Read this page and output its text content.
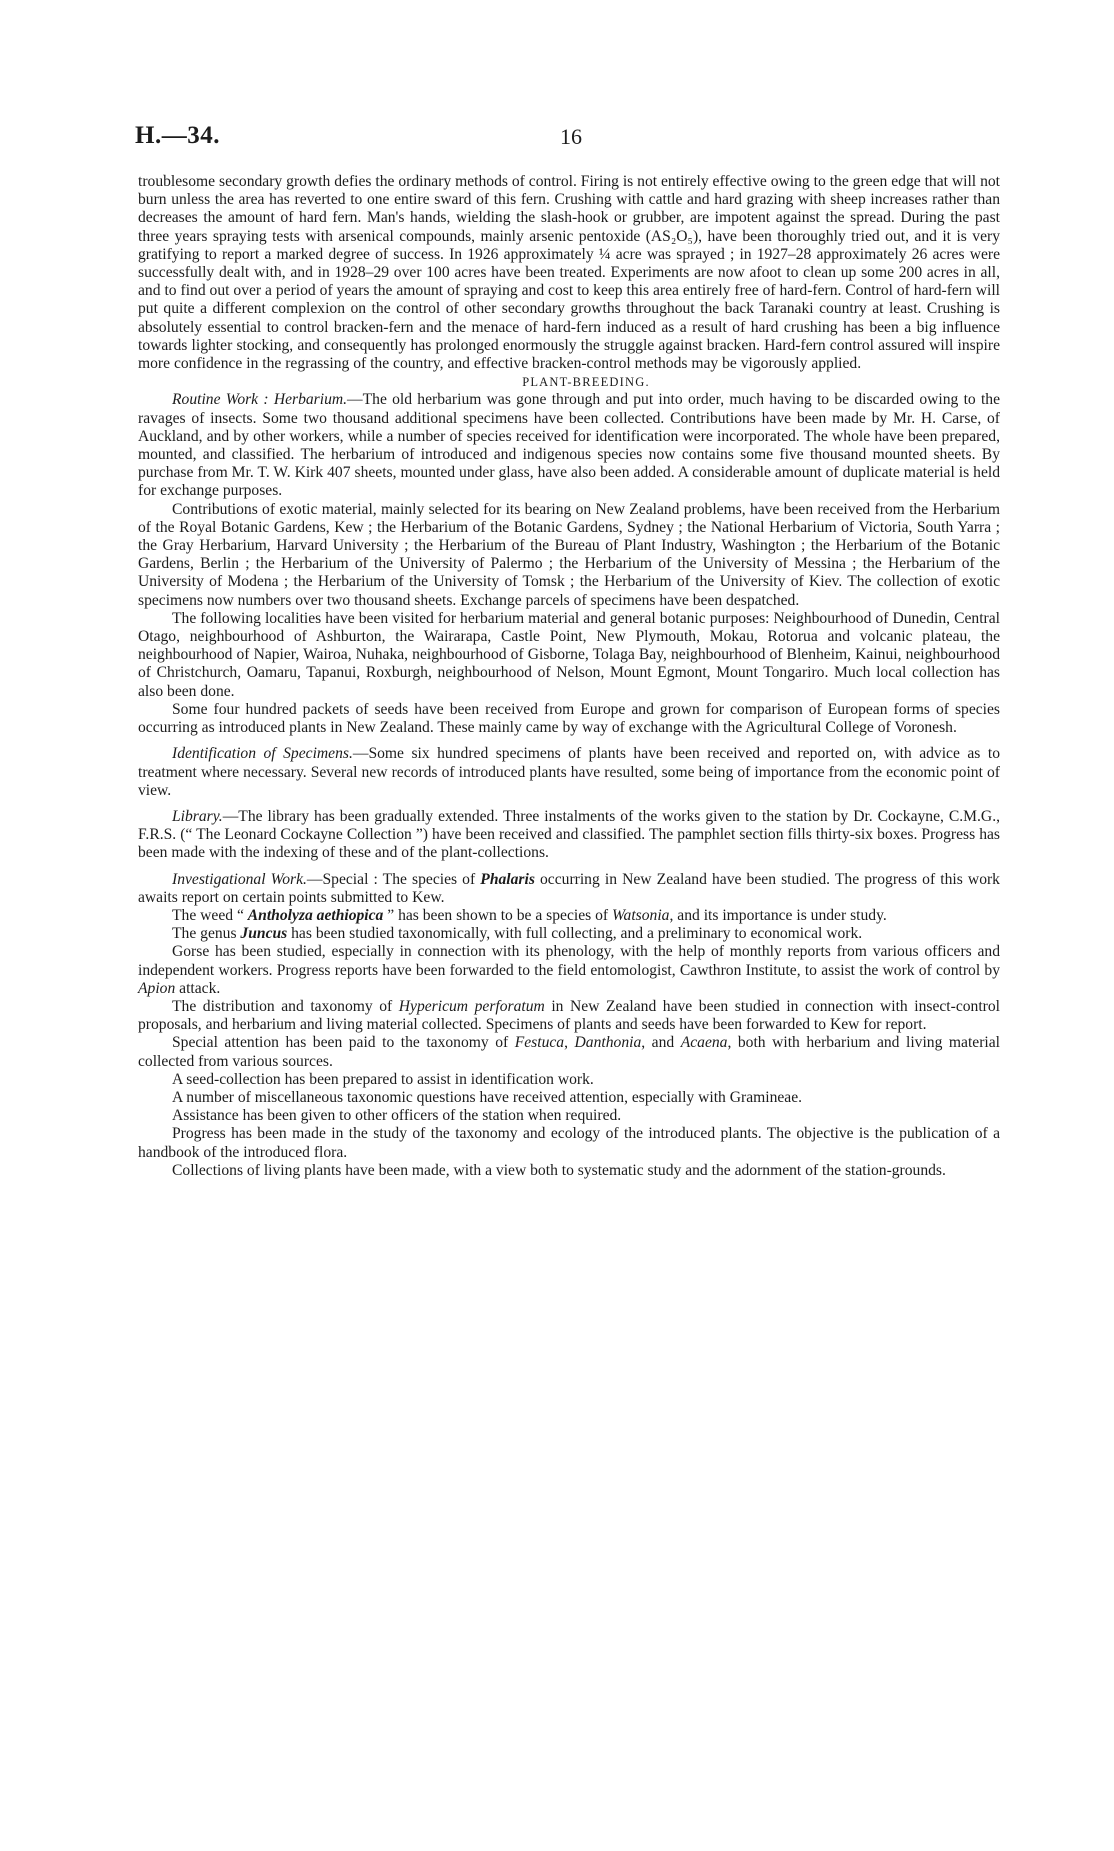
H.—34.	16

troublesome secondary growth defies the ordinary methods of control. Firing is not entirely effective owing to the green edge that will not burn unless the area has reverted to one entire sward of this fern. Crushing with cattle and hard grazing with sheep increases rather than decreases the amount of hard fern. Man's hands, wielding the slash-hook or grubber, are impotent against the spread. During the past three years spraying tests with arsenical compounds, mainly arsenic pentoxide (AS₂O₅), have been thoroughly tried out, and it is very gratifying to report a marked degree of success. In 1926 approximately ¼ acre was sprayed ; in 1927–28 approximately 26 acres were successfully dealt with, and in 1928–29 over 100 acres have been treated. Experiments are now afoot to clean up some 200 acres in all, and to find out over a period of years the amount of spraying and cost to keep this area entirely free of hard-fern. Control of hard-fern will put quite a different complexion on the control of other secondary growths throughout the back Taranaki country at least. Crushing is absolutely essential to control bracken-fern and the menace of hard-fern induced as a result of hard crushing has been a big influence towards lighter stocking, and consequently has prolonged enormously the struggle against bracken. Hard-fern control assured will inspire more confidence in the regrassing of the country, and effective bracken-control methods may be vigorously applied.

PLANT-BREEDING.

Routine Work : Herbarium.—The old herbarium was gone through and put into order, much having to be discarded owing to the ravages of insects. Some two thousand additional specimens have been collected. Contributions have been made by Mr. H. Carse, of Auckland, and by other workers, while a number of species received for identification were incorporated. The whole have been prepared, mounted, and classified. The herbarium of introduced and indigenous species now contains some five thousand mounted sheets. By purchase from Mr. T. W. Kirk 407 sheets, mounted under glass, have also been added. A considerable amount of duplicate material is held for exchange purposes.

Contributions of exotic material, mainly selected for its bearing on New Zealand problems, have been received from the Herbarium of the Royal Botanic Gardens, Kew ; the Herbarium of the Botanic Gardens, Sydney ; the National Herbarium of Victoria, South Yarra ; the Gray Herbarium, Harvard University ; the Herbarium of the Bureau of Plant Industry, Washington ; the Herbarium of the Botanic Gardens, Berlin ; the Herbarium of the University of Palermo ; the Herbarium of the University of Messina ; the Herbarium of the University of Modena ; the Herbarium of the University of Tomsk ; the Herbarium of the University of Kiev. The collection of exotic specimens now numbers over two thousand sheets. Exchange parcels of specimens have been despatched.

The following localities have been visited for herbarium material and general botanic purposes: Neighbourhood of Dunedin, Central Otago, neighbourhood of Ashburton, the Wairarapa, Castle Point, New Plymouth, Mokau, Rotorua and volcanic plateau, the neighbourhood of Napier, Wairoa, Nuhaka, neighbourhood of Gisborne, Tolaga Bay, neighbourhood of Blenheim, Kainui, neighbourhood of Christchurch, Oamaru, Tapanui, Roxburgh, neighbourhood of Nelson, Mount Egmont, Mount Tongariro. Much local collection has also been done.

Some four hundred packets of seeds have been received from Europe and grown for comparison of European forms of species occurring as introduced plants in New Zealand. These mainly came by way of exchange with the Agricultural College of Voronesh.

Identification of Specimens.—Some six hundred specimens of plants have been received and reported on, with advice as to treatment where necessary. Several new records of introduced plants have resulted, some being of importance from the economic point of view.

Library.—The library has been gradually extended. Three instalments of the works given to the station by Dr. Cockayne, C.M.G., F.R.S. (“ The Leonard Cockayne Collection ”) have been received and classified. The pamphlet section fills thirty-six boxes. Progress has been made with the indexing of these and of the plant-collections.

Investigational Work.—Special : The species of Phalaris occurring in New Zealand have been studied. The progress of this work awaits report on certain points submitted to Kew.

The weed “ Antholyza aethiopica ” has been shown to be a species of Watsonia, and its importance is under study.

The genus Juncus has been studied taxonomically, with full collecting, and a preliminary to economical work.

Gorse has been studied, especially in connection with its phenology, with the help of monthly reports from various officers and independent workers. Progress reports have been forwarded to the field entomologist, Cawthron Institute, to assist the work of control by Apion attack.

The distribution and taxonomy of Hypericum perforatum in New Zealand have been studied in connection with insect-control proposals, and herbarium and living material collected. Specimens of plants and seeds have been forwarded to Kew for report.

Special attention has been paid to the taxonomy of Festuca, Danthonia, and Acaena, both with herbarium and living material collected from various sources.

A seed-collection has been prepared to assist in identification work.

A number of miscellaneous taxonomic questions have received attention, especially with Gramineae.

Assistance has been given to other officers of the station when required.

Progress has been made in the study of the taxonomy and ecology of the introduced plants. The objective is the publication of a handbook of the introduced flora.

Collections of living plants have been made, with a view both to systematic study and the adornment of the station-grounds.
